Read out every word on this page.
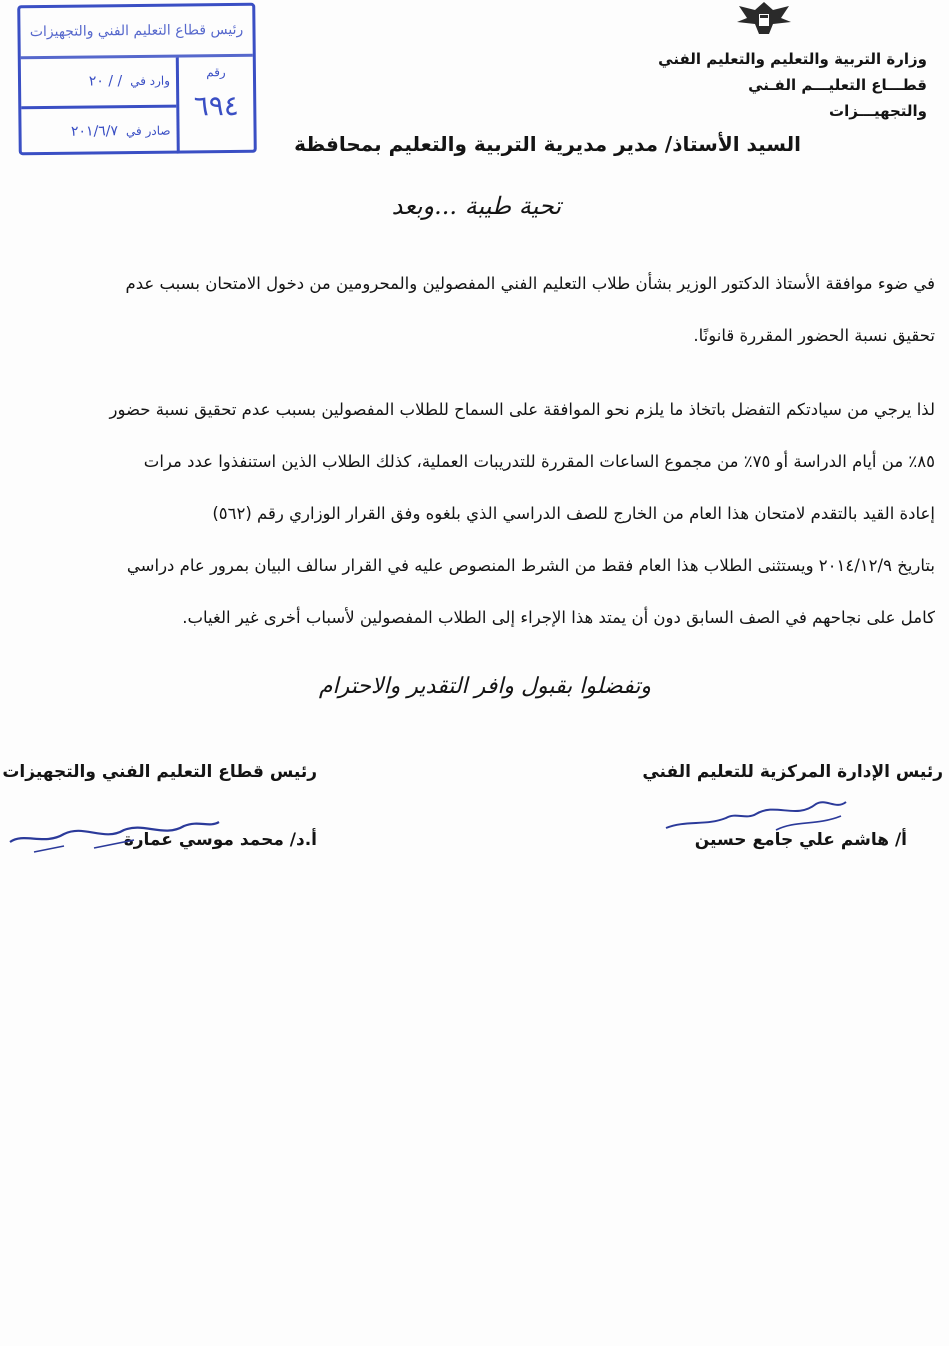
وزارة التربية والتعليم والتعليم الفني
قطـــاع التعليـــم الفـني والتجهيـــزات
رئيس قطاع التعليم الفني والتجهيزات
رقم
٦٩٤
وارد في
/ / ٢٠
صادر في
٢٠١/٦/٧
السيد الأستاذ/ مدير مديرية التربية والتعليم بمحافظة
تحية طيبة ...وبعد
في ضوء موافقة الأستاذ الدكتور الوزير بشأن طلاب التعليم الفني المفصولين والمحرومين من دخول الامتحان بسبب عدم
تحقيق نسبة الحضور المقررة قانونًا.
لذا يرجي من سيادتكم التفضل باتخاذ ما يلزم نحو الموافقة على السماح للطلاب المفصولين بسبب عدم تحقيق نسبة حضور
٨٥٪ من أيام الدراسة أو ٧٥٪ من مجموع الساعات المقررة للتدريبات العملية، كذلك الطلاب الذين استنفذوا عدد مرات
إعادة القيد بالتقدم لامتحان هذا العام من الخارج للصف الدراسي الذي بلغوه وفق القرار الوزاري رقم (٥٦٢)
بتاريخ ٢٠١٤/١٢/٩ ويستثنى الطلاب هذا العام فقط من الشرط المنصوص عليه في القرار سالف البيان بمرور عام دراسي
كامل على نجاحهم في الصف السابق دون أن يمتد هذا الإجراء إلى الطلاب المفصولين لأسباب أخرى غير الغياب.
وتفضلوا بقبول وافر التقدير والاحترام
رئيس الإدارة المركزية للتعليم الفني
أ/ هاشم علي جامع حسين
رئيس قطاع التعليم الفني والتجهيزات
أ.د/ محمد موسي عمارة
